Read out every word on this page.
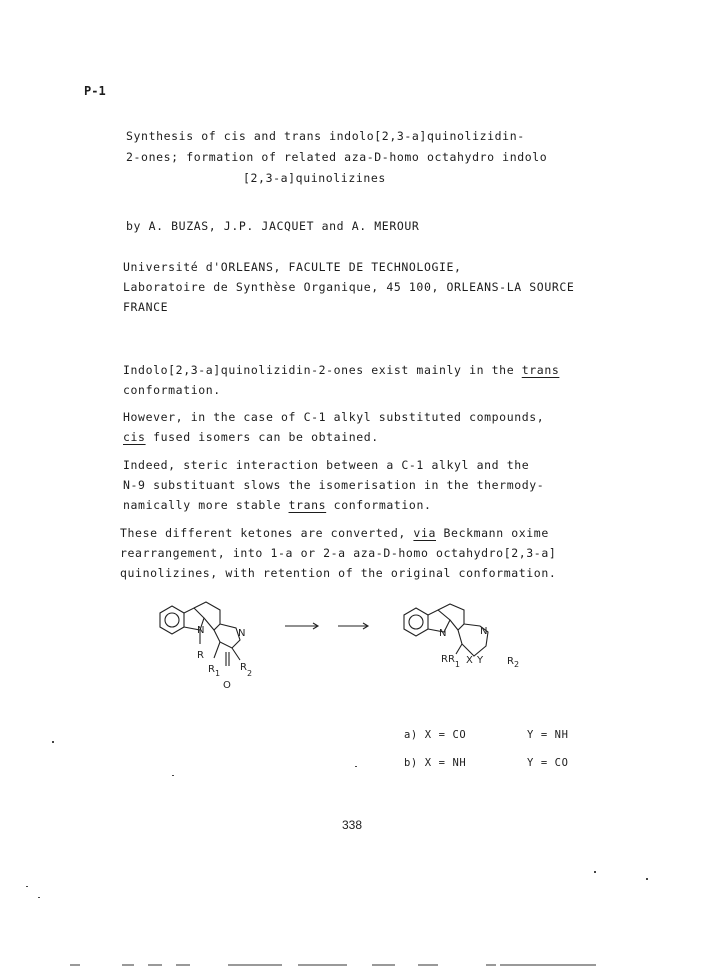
P-1
Synthesis of cis and trans indolo[2,3-a]quinolizidin-
2-ones; formation of related aza-D-homo octahydro indolo
[2,3-a]quinolizines
by A. BUZAS, J.P. JACQUET and A. MEROUR
Université d'ORLEANS, FACULTE DE TECHNOLOGIE,
Laboratoire de Synthèse Organique, 45 100, ORLEANS-LA SOURCE
FRANCE
Indolo[2,3-a]quinolizidin-2-ones exist mainly in the trans
conformation.
However, in the case of C-1 alkyl substituted compounds,
cis fused isomers can be obtained.
Indeed, steric interaction between a C-1 alkyl and the
N-9 substituant slows the isomerisation in the thermody-
namically more stable trans conformation.
These different ketones are converted, via Beckmann oxime
rearrangement, into 1-a or 2-a aza-D-homo octahydro[2,3-a]
quinolizines, with retention of the original conformation.
N	N
R
$R_1$
O
$R_2$
N	N
$RR_1$ X Y $R_2$
a) X = CO	Y = NH
b) X = NH	Y = CO
338
